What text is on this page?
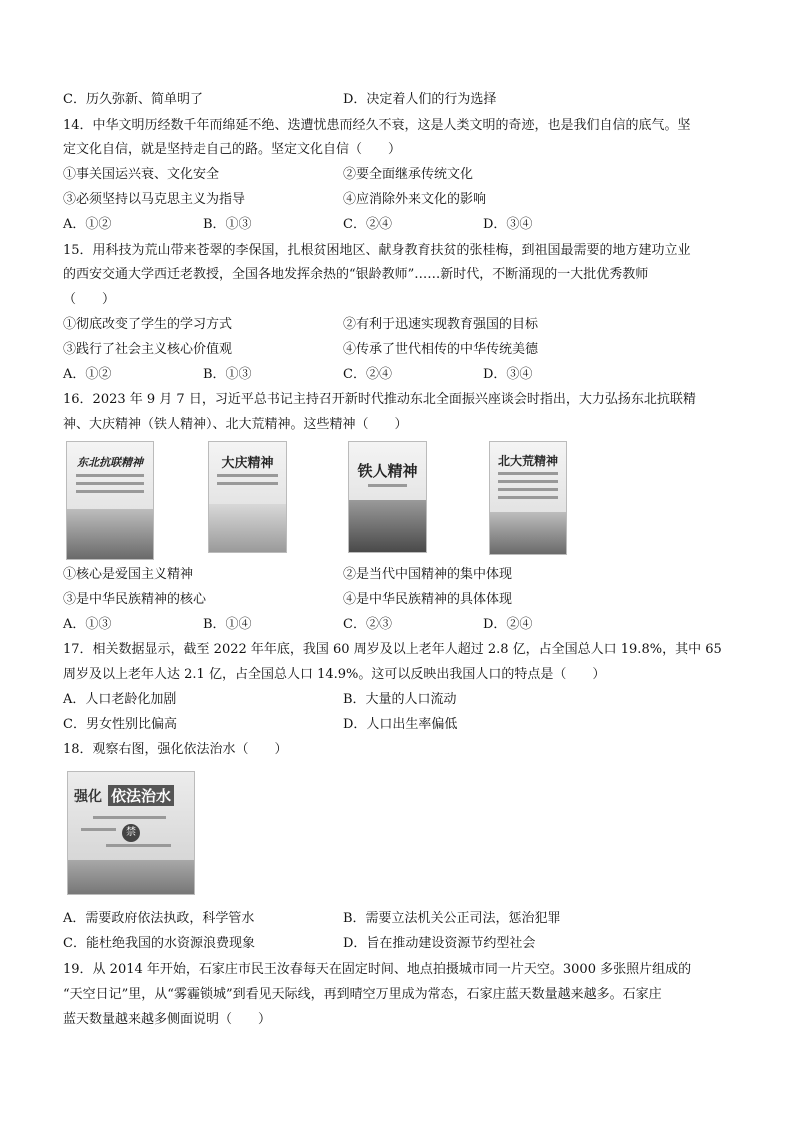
C．历久弥新、简单明了	D．决定着人们的行为选择
14．中华文明历经数千年而绵延不绝、迭遭忧患而经久不衰，这是人类文明的奇迹，也是我们自信的底气。坚
定文化自信，就是坚持走自己的路。坚定文化自信（　　）
①事关国运兴衰、文化安全	②要全面继承传统文化
③必须坚持以马克思主义为指导	④应消除外来文化的影响
A．①②	B．①③	C．②④	D．③④
15．用科技为荒山带来苍翠的李保国，扎根贫困地区、献身教育扶贫的张桂梅，到祖国最需要的地方建功立业
的西安交通大学西迁老教授，全国各地发挥余热的“银龄教师”……新时代，不断涌现的一大批优秀教师
（　　）
①彻底改变了学生的学习方式	②有利于迅速实现教育强国的目标
③践行了社会主义核心价值观	④传承了世代相传的中华传统美德
A．①②	B．①③	C．②④	D．③④
16．2023 年 9 月 7 日，习近平总书记主持召开新时代推动东北全面振兴座谈会时指出，大力弘扬东北抗联精
神、大庆精神（铁人精神）、北大荒精神。这些精神（　　）
东北抗联精神	大庆精神	铁人精神
北大荒精神
①核心是爱国主义精神	②是当代中国精神的集中体现
③是中华民族精神的核心	④是中华民族精神的具体体现
A．①③	B．①④	C．②③	D．②④
17．相关数据显示，截至 2022 年年底，我国 60 周岁及以上老年人超过 2.8 亿，占全国总人口 19.8%，其中 65
周岁及以上老年人达 2.1 亿，占全国总人口 14.9%。这可以反映出我国人口的特点是（　　）
A．人口老龄化加剧	B．大量的人口流动
C．男女性别比偏高	D．人口出生率偏低
18．观察右图，强化依法治水（　　）
强化 依法治水
禁
A．需要政府依法执政，科学管水	B．需要立法机关公正司法，惩治犯罪
C．能杜绝我国的水资源浪费现象	D．旨在推动建设资源节约型社会
19．从 2014 年开始，石家庄市民王汝春每天在固定时间、地点拍摄城市同一片天空。3000 多张照片组成的
“天空日记”里，从“雾霾锁城”到看见天际线，再到晴空万里成为常态，石家庄蓝天数量越来越多。石家庄
蓝天数量越来越多侧面说明（　　）
